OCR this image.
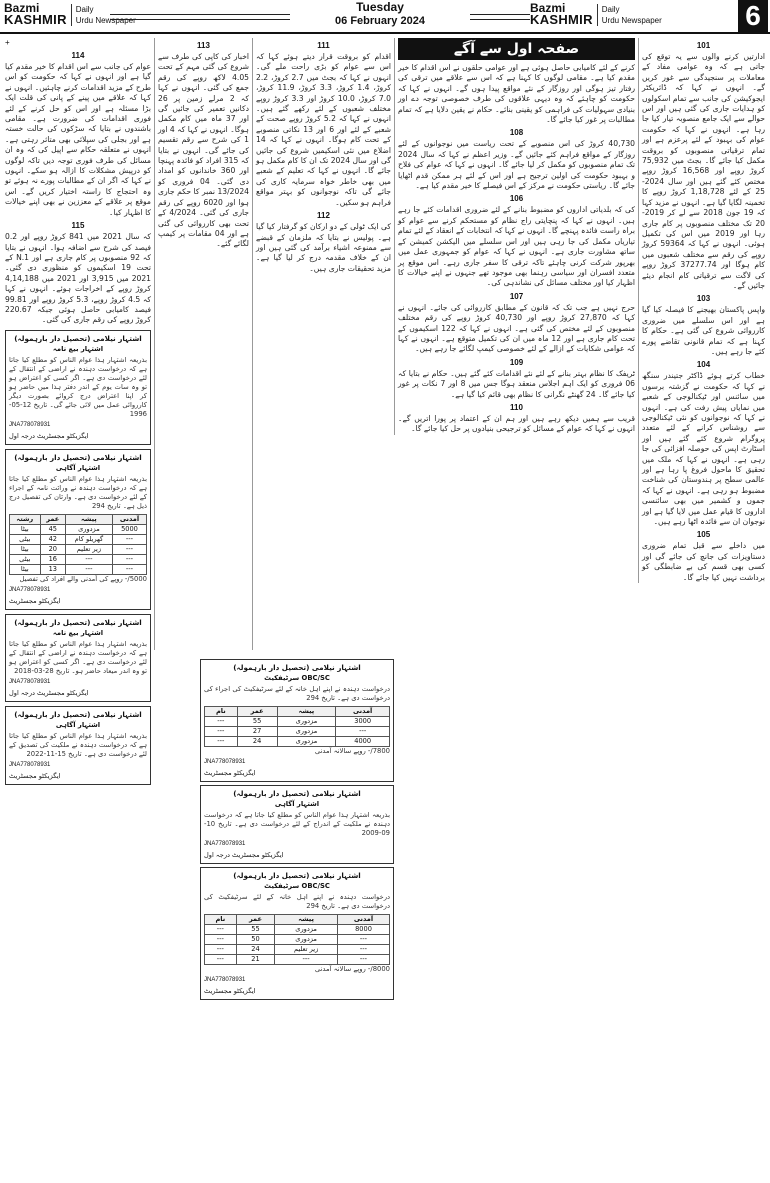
Bazmi
KASHMIR
Daily
Urdu Newspaper
Tuesday
06 February 2024
Bazmi
KASHMIR
Daily
Urdu Newspaper	6
101

ادارتیں کرنے والوں سے یہ توقع کی جاتی ہے کہ وہ عوامی مفاد کے معاملات پر سنجیدگی سے غور کریں گے۔ انہوں نے کہا کہ ڈائریکٹر ایجوکیشن کی جانب سے تمام اسکولوں کو ہدایات جاری کی گئی ہیں اور اس حوالے سے ایک جامع منصوبہ تیار کیا جا رہا ہے۔ انہوں نے کہا کہ حکومت عوام کی بہبود کے لئے پرعزم ہے اور تمام ترقیاتی منصوبوں کو بروقت مکمل کیا جائے گا۔ بجٹ میں 75,932 کروڑ روپے اور 16,568 کروڑ روپے مختص کئے گئے ہیں اور سال 2024-25 کے لئے 1,18,728 کروڑ روپے کا تخمینہ لگایا گیا ہے۔ انہوں نے مزید کہا کہ 19 جون 2018 سے لے کر 2019-20 تک مختلف منصوبوں پر کام جاری رہا اور 2019 میں اس کی تکمیل ہوئی۔ انہوں نے کہا کہ 59364 کروڑ روپے کی رقم سے مختلف شعبوں میں کام ہوگا اور 37277.74 کروڑ روپے کی لاگت سے ترقیاتی کام انجام دیئے جائیں گے۔

103

واپس پاکستان بھیجنے کا فیصلہ کیا گیا ہے اور اس سلسلے میں ضروری کارروائی شروع کی گئی ہے۔ حکام کا کہنا ہے کہ تمام قانونی تقاضے پورے کئے جا رہے ہیں۔

104

خطاب کرتے ہوئے ڈاکٹر جتیندر سنگھ نے کہا کہ حکومت نے گزشتہ برسوں میں سائنس اور ٹیکنالوجی کے شعبے میں نمایاں پیش رفت کی ہے۔ انہوں نے کہا کہ نوجوانوں کو نئی ٹیکنالوجی سے روشناس کرانے کے لئے متعدد پروگرام شروع کئے گئے ہیں اور اسٹارٹ اپس کی حوصلہ افزائی کی جا رہی ہے۔ انہوں نے کہا کہ ملک میں تحقیق کا ماحول فروغ پا رہا ہے اور عالمی سطح پر ہندوستان کی شناخت مضبوط ہو رہی ہے۔ انہوں نے کہا کہ جموں و کشمیر میں بھی سائنسی اداروں کا قیام عمل میں لایا گیا ہے اور نوجوان ان سے فائدہ اٹھا رہے ہیں۔

105

میں داخلے سے قبل تمام ضروری دستاویزات کی جانچ کی جائے گی اور کسی بھی قسم کی بے ضابطگی کو برداشت نہیں کیا جائے گا۔

صفحہ اول سے آگے

کرنے کے لئے کامیابی حاصل ہوئی ہے اور عوامی حلقوں نے اس اقدام کا خیر مقدم کیا ہے۔ مقامی لوگوں کا کہنا ہے کہ اس سے علاقے میں ترقی کی رفتار تیز ہوگی اور روزگار کے نئے مواقع پیدا ہوں گے۔ انہوں نے کہا کہ حکومت کو چاہئے کہ وہ دیہی علاقوں کی طرف خصوصی توجہ دے اور بنیادی سہولیات کی فراہمی کو یقینی بنائے۔ حکام نے یقین دلایا ہے کہ تمام مطالبات پر غور کیا جائے گا۔

108

40,730 کروڑ کی اس منصوبے کے تحت ریاست میں نوجوانوں کے لئے روزگار کے مواقع فراہم کئے جائیں گے۔ وزیر اعظم نے کہا کہ سال 2024 تک تمام منصوبوں کو مکمل کر لیا جائے گا۔ انہوں نے کہا کہ عوام کی فلاح و بہبود حکومت کی اولین ترجیح ہے اور اس کے لئے ہر ممکن قدم اٹھایا جائے گا۔ ریاستی حکومت نے مرکز کے اس فیصلے کا خیر مقدم کیا ہے۔

106

کی کہ بلدیاتی اداروں کو مضبوط بنانے کے لئے ضروری اقدامات کئے جا رہے ہیں۔ انہوں نے کہا کہ پنچایتی راج نظام کو مستحکم کرنے سے عوام کو براہ راست فائدہ پہنچے گا۔ انہوں نے کہا کہ انتخابات کے انعقاد کے لئے تمام تیاریاں مکمل کی جا رہی ہیں اور اس سلسلے میں الیکشن کمیشن کے ساتھ مشاورت جاری ہے۔ انہوں نے کہا کہ عوام کو جمہوری عمل میں بھرپور شرکت کرنی چاہئے تاکہ ترقی کا سفر جاری رہے۔ اس موقع پر متعدد افسران اور سیاسی رہنما بھی موجود تھے جنہوں نے اپنے خیالات کا اظہار کیا اور مختلف مسائل کی نشاندہی کی۔

107

حرج نہیں ہے جب تک کہ قانون کے مطابق کارروائی کی جائے۔ انہوں نے کہا کہ 27,870 کروڑ روپے اور 40,730 کروڑ روپے کی رقم مختلف منصوبوں کے لئے مختص کی گئی ہے۔ انہوں نے کہا کہ 122 اسکیموں کے تحت کام جاری ہے اور 12 ماہ میں ان کی تکمیل متوقع ہے۔ انہوں نے کہا کہ عوامی شکایات کے ازالے کے لئے خصوصی کیمپ لگائے جا رہے ہیں۔

109

ٹریفک کا نظام بہتر بنانے کے لئے نئے اقدامات کئے گئے ہیں۔ حکام نے بتایا کہ 06 فروری کو ایک اہم اجلاس منعقد ہوگا جس میں 8 اور 7 نکات پر غور کیا جائے گا۔ 24 گھنٹے نگرانی کا نظام بھی قائم کیا گیا ہے۔

110

قریب سے ہمیں دیکھ رہے ہیں اور ہم ان کے اعتماد پر پورا اتریں گے۔ انہوں نے کہا کہ عوام کے مسائل کو ترجیحی بنیادوں پر حل کیا جائے گا۔

111

اقدام کو بروقت قرار دیتے ہوئے کہا کہ اس سے عوام کو بڑی راحت ملے گی۔ انہوں نے کہا کہ بجٹ میں 2.7 کروڑ، 2.2 کروڑ، 1.4 کروڑ، 3.3 کروڑ، 11.9 کروڑ، 7.0 کروڑ، 10.0 کروڑ اور 3.3 کروڑ روپے مختلف شعبوں کے لئے رکھے گئے ہیں۔ انہوں نے کہا کہ 5.2 کروڑ روپے صحت کے شعبے کے لئے اور 6 اور 13 نکاتی منصوبے کے تحت کام ہوگا۔ انہوں نے کہا کہ 14 اضلاع میں نئی اسکیمیں شروع کی جائیں گی اور سال 2024 تک ان کا کام مکمل ہو جائے گا۔ انہوں نے کہا کہ تعلیم کے شعبے میں بھی خاطر خواہ سرمایہ کاری کی جائے گی تاکہ نوجوانوں کو بہتر مواقع فراہم ہو سکیں۔

112

کی ایک ٹولی کے دو ارکان کو گرفتار کیا گیا ہے۔ پولیس نے بتایا کہ ملزمان کے قبضے سے ممنوعہ اشیاء برآمد کی گئی ہیں اور ان کے خلاف مقدمہ درج کر لیا گیا ہے۔ مزید تحقیقات جاری ہیں۔

113

اخبار کی کاپی کی طرف سے شروع کی گئی مہم کے تحت 4.05 لاکھ روپے کی رقم جمع کی گئی۔ انہوں نے کہا کہ 2 مرلے زمین پر 26 دکانیں تعمیر کی جائیں گی اور 37 ماہ میں کام مکمل ہوگا۔ انہوں نے کہا کہ 4 اور 1 کی شرح سے رقم تقسیم کی جائے گی۔ انہوں نے بتایا کہ 315 افراد کو فائدہ پہنچا اور 360 خاندانوں کو امداد دی گئی۔ 04 فروری کو 13/2024 نمبر کا حکم جاری ہوا اور 6020 روپے کی رقم جاری کی گئی۔ 4/2024 کے تحت بھی کارروائی کی گئی ہے اور 04 مقامات پر کیمپ لگائے گئے۔

اشتہار نیلامی (تحصیل دار بارہمولہ)
OBC/SC سرٹیفکیٹ
درخواست دہندہ نے اپنے اہل خانہ کے لئے سرٹیفکیٹ کی اجراء کی درخواست دی ہے۔ تاریخ 294
آمدنی	پیشہ	عمر	نام
3000	مزدوری	55	---
---	مزدوری	27	---
4000	مزدوری	24	---
7800/- روپے سالانہ آمدنی
JNA778078931
ایگزیکٹو مجسٹریٹ
اشتہار نیلامی (تحصیل دار بارہمولہ)
اشتہار آگاہی
بذریعہ اشتہار ہذا عوام الناس کو مطلع کیا جاتا ہے کہ درخواست دہندہ نے ملکیت کے اندراج کے لئے درخواست دی ہے۔ تاریخ 10-09-2009
JNA778078931
ایگزیکٹو مجسٹریٹ درجہ اول
اشتہار نیلامی (تحصیل دار بارہمولہ)
OBC/SC سرٹیفکیٹ
درخواست دہندہ نے اپنے اہل خانہ کے لئے سرٹیفکیٹ کی درخواست دی ہے۔ تاریخ 294
آمدنی	پیشہ	عمر	نام
8000	مزدوری	55	---
---	مزدوری	50	---
---	زیر تعلیم	24	---
---	---	21	---
8000/- روپے سالانہ آمدنی
JNA778078931
ایگزیکٹو مجسٹریٹ
+
114

عوام کی جانب سے اس اقدام کا خیر مقدم کیا گیا ہے اور انہوں نے کہا کہ حکومت کو اس طرح کے مزید اقدامات کرنے چاہئیں۔ انہوں نے کہا کہ علاقے میں پینے کے پانی کی قلت ایک بڑا مسئلہ ہے اور اس کو حل کرنے کے لئے فوری اقدامات کی ضرورت ہے۔ مقامی باشندوں نے بتایا کہ سڑکوں کی حالت خستہ ہے اور بجلی کی سپلائی بھی متاثر رہتی ہے۔ انہوں نے متعلقہ حکام سے اپیل کی کہ وہ ان مسائل کی طرف فوری توجہ دیں تاکہ لوگوں کو درپیش مشکلات کا ازالہ ہو سکے۔ انہوں نے کہا کہ اگر ان کے مطالبات پورے نہ ہوئے تو وہ احتجاج کا راستہ اختیار کریں گے۔ اس موقع پر علاقے کے معززین نے بھی اپنے خیالات کا اظہار کیا۔

115

کہ سال 2021 میں 841 کروڑ روپے اور 0.2 فیصد کی شرح سے اضافہ ہوا۔ انہوں نے بتایا کہ 92 منصوبوں پر کام جاری ہے اور 1.N کے تحت 19 اسکیموں کو منظوری دی گئی۔ 2021 میں 3,915 اور 2021 میں 4,14,188 کروڑ روپے کے اخراجات ہوئے۔ انہوں نے کہا کہ 4.5 کروڑ روپے، 5.3 کروڑ روپے اور 99.81 فیصد کامیابی حاصل ہوئی جبکہ 220.67 کروڑ روپے کی رقم جاری کی گئی۔

اشتہار نیلامی (تحصیل دار بارہمولہ)
اشتہار بیع نامہ
بذریعہ اشتہار ہذا عوام الناس کو مطلع کیا جاتا ہے کہ درخواست دہندہ نے اراضی کے انتقال کے لئے درخواست دی ہے۔ اگر کسی کو اعتراض ہو تو وہ سات یوم کے اندر دفتر ہذا میں حاضر ہو کر اپنا اعتراض درج کروائے بصورت دیگر کارروائی عمل میں لائی جائے گی۔ تاریخ 12-05-1996
JNA778078931
ایگزیکٹو مجسٹریٹ درجہ اول
اشتہار نیلامی (تحصیل دار بارہمولہ)
اشتہار آگاہی
بذریعہ اشتہار ہذا عوام الناس کو مطلع کیا جاتا ہے کہ درخواست دہندہ نے وراثت نامہ کے اجراء کے لئے درخواست دی ہے۔ وارثان کی تفصیل درج ذیل ہے۔ تاریخ 294
آمدنی	پیشہ	عمر	رشتہ
5000	مزدوری	45	بیٹا
---	گھریلو کام	42	بیٹی
---	زیر تعلیم	20	بیٹا
---	---	16	بیٹی
---	---	13	بیٹا
5000/- روپے کی آمدنی والے افراد کی تفصیل
JNA778078931
ایگزیکٹو مجسٹریٹ
اشتہار نیلامی (تحصیل دار بارہمولہ)
اشتہار بیع نامہ
بذریعہ اشتہار ہذا عوام الناس کو مطلع کیا جاتا ہے کہ درخواست دہندہ نے اراضی کے انتقال کے لئے درخواست دی ہے۔ اگر کسی کو اعتراض ہو تو وہ اندر میعاد حاضر ہو۔ تاریخ 28-03-2018
JNA778078931
ایگزیکٹو مجسٹریٹ درجہ اول
اشتہار نیلامی (تحصیل دار بارہمولہ)
اشتہار آگاہی
بذریعہ اشتہار ہذا عوام الناس کو مطلع کیا جاتا ہے کہ درخواست دہندہ نے ملکیت کی تصدیق کے لئے درخواست دی ہے۔ تاریخ 15-11-2022
JNA778078931
ایگزیکٹو مجسٹریٹ
